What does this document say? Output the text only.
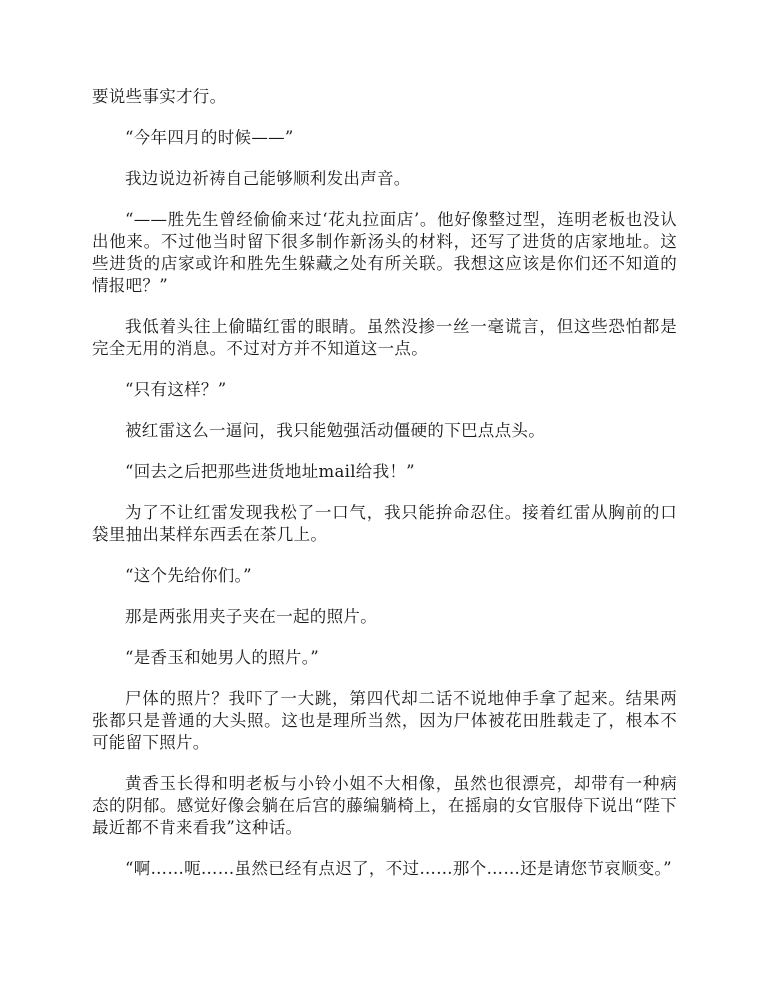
要说些事实才行。

“今年四月的时候——”

我边说边祈祷自己能够顺利发出声音。

“——胜先生曾经偷偷来过‘花丸拉面店’。他好像整过型，连明老板也没认出他来。不过他当时留下很多制作新汤头的材料，还写了进货的店家地址。这些进货的店家或许和胜先生躲藏之处有所关联。我想这应该是你们还不知道的情报吧？”

我低着头往上偷瞄红雷的眼睛。虽然没掺一丝一毫谎言，但这些恐怕都是完全无用的消息。不过对方并不知道这一点。

“只有这样？”

被红雷这么一逼问，我只能勉强活动僵硬的下巴点点头。

“回去之后把那些进货地址mail给我！”

为了不让红雷发现我松了一口气，我只能拚命忍住。接着红雷从胸前的口袋里抽出某样东西丢在茶几上。

“这个先给你们。”

那是两张用夹子夹在一起的照片。

“是香玉和她男人的照片。”

尸体的照片？我吓了一大跳，第四代却二话不说地伸手拿了起来。结果两张都只是普通的大头照。这也是理所当然，因为尸体被花田胜载走了，根本不可能留下照片。

黄香玉长得和明老板与小铃小姐不大相像，虽然也很漂亮，却带有一种病态的阴郁。感觉好像会躺在后宫的藤编躺椅上，在摇扇的女官服侍下说出“陛下最近都不肯来看我”这种话。

“啊……呃……虽然已经有点迟了，不过……那个……还是请您节哀顺变。”
